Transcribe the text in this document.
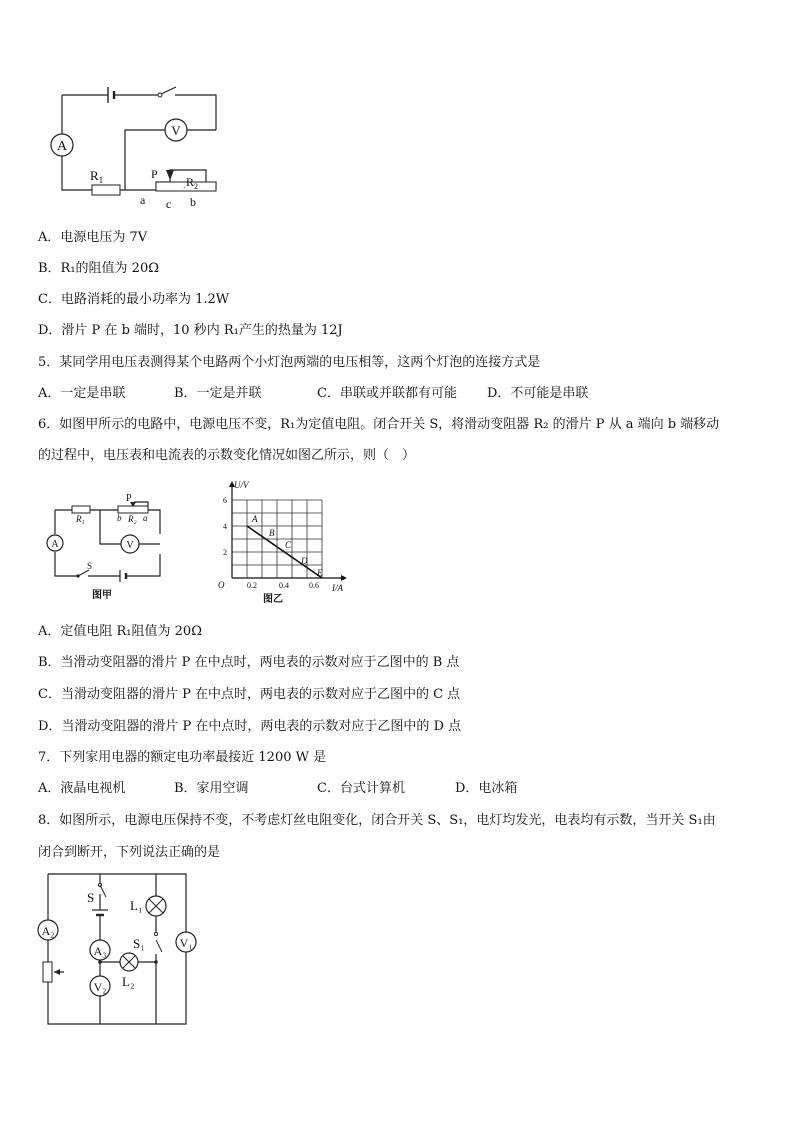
A
V
$R_1$
·
P
$R_2$
a c b
A．电源电压为 7V
B．R₁的阻值为 20Ω
C．电路消耗的最小功率为 1.2W
D．滑片 P 在 b 端时，10 秒内 R₁产生的热量为 12J
5．某同学用电压表测得某个电路两个小灯泡两端的电压相等，这两个灯泡的连接方式是
A．一定是串联	B．一定是并联	C．串联或并联都有可能 D．不可能是串联
6．如图甲所示的电路中，电源电压不变，R₁为定值电阻。闭合开关 S，将滑动变阻器 R₂ 的滑片 P 从 a 端向 b 端移动
的过程中，电压表和电流表的示数变化情况如图乙所示，则（　）
A	V
R₁
P
b R₂ a
S
图甲
U/V
I/A
O
2
4
6
0.2	0.4	0.6
A
B
C
D
E
图乙
A．定值电阻 R₁阻值为 20Ω
B．当滑动变阻器的滑片 P 在中点时，两电表的示数对应于乙图中的 B 点
C．当滑动变阻器的滑片 P 在中点时，两电表的示数对应于乙图中的 C 点
D．当滑动变阻器的滑片 P 在中点时，两电表的示数对应于乙图中的 D 点
7．下列家用电器的额定电功率最接近 1200 W 是
A．液晶电视机	B．家用空调	C．台式计算机	D．电冰箱
8．如图所示，电源电压保持不变，不考虑灯丝电阻变化，闭合开关 S、S₁，电灯均发光，电表均有示数，当开关 S₁由
闭合到断开，下列说法正确的是
A₂
A₃
V₂
V₁
S
L₁
S₁
L₂
